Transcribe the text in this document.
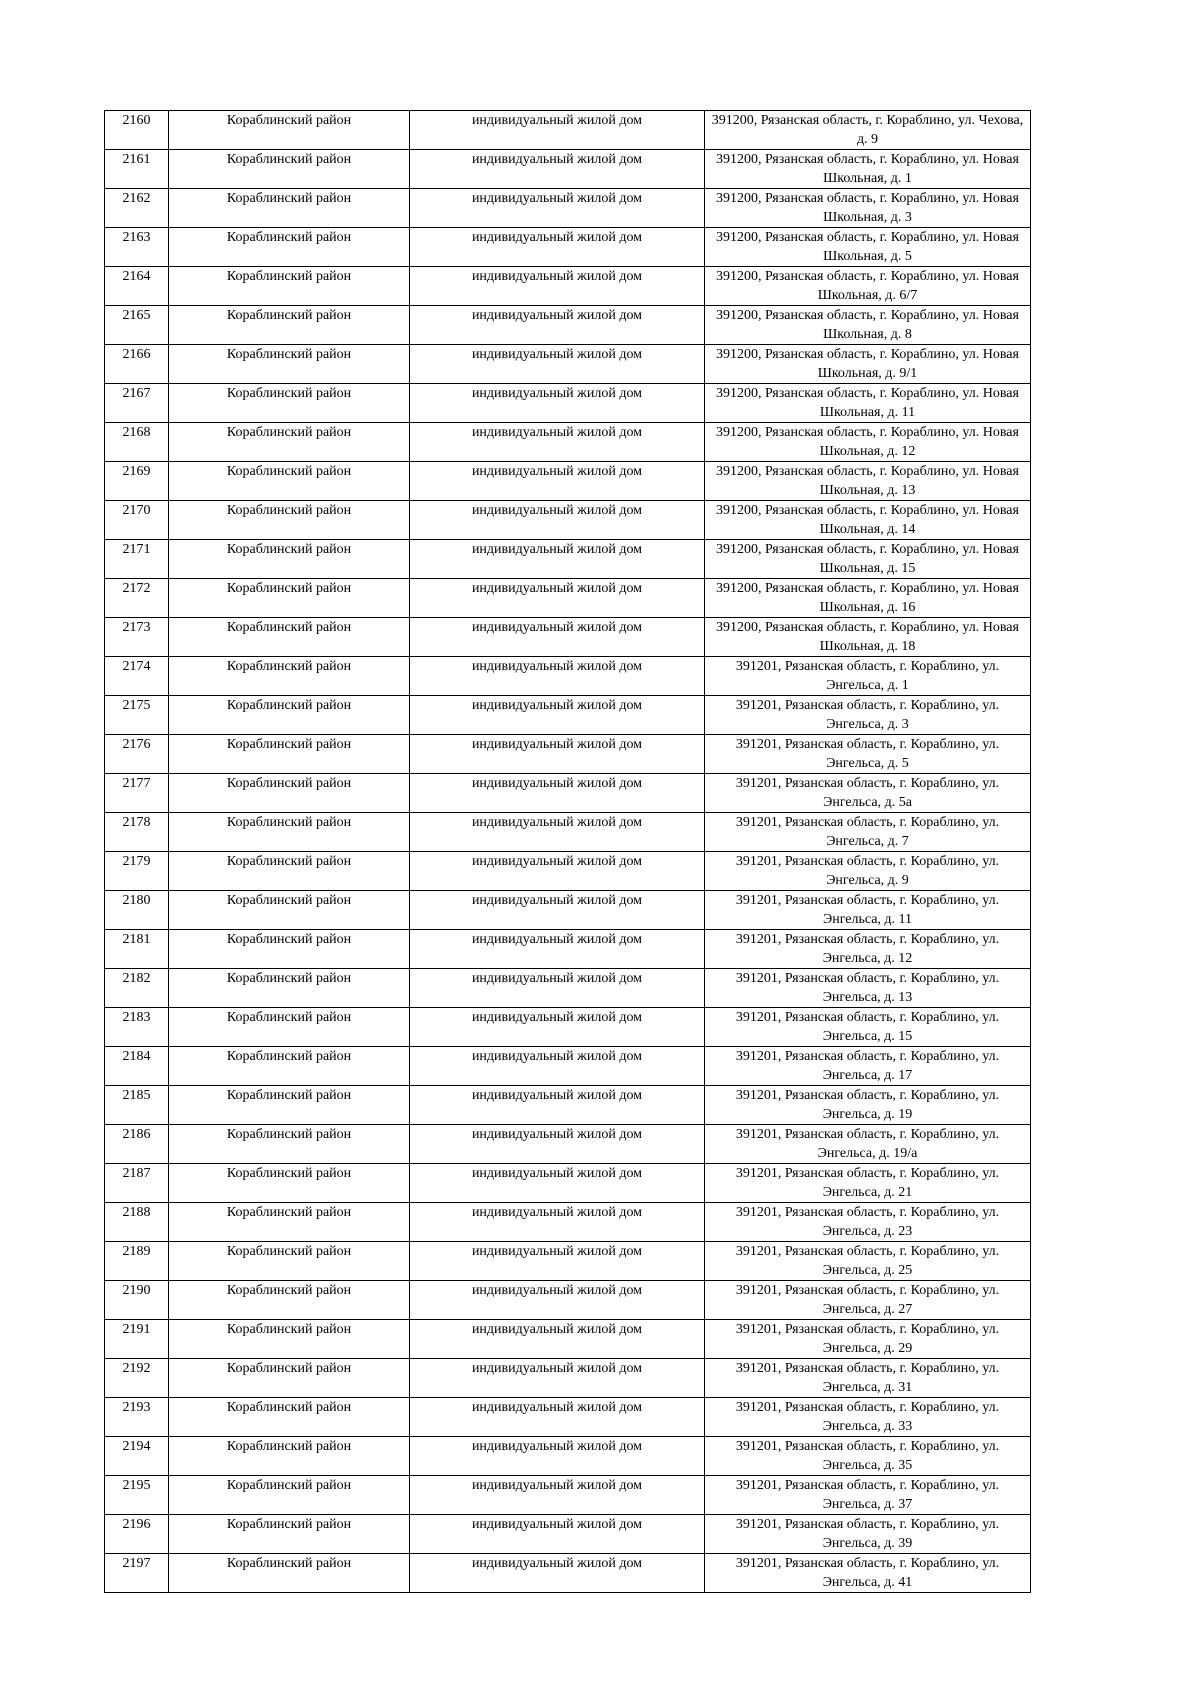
2160	Кораблинский район	индивидуальный жилой дом	391200, Рязанская область, г. Кораблино, ул. Чехова, д. 9
2161	Кораблинский район	индивидуальный жилой дом	391200, Рязанская область, г. Кораблино, ул. Новая Школьная, д. 1
2162	Кораблинский район	индивидуальный жилой дом	391200, Рязанская область, г. Кораблино, ул. Новая Школьная, д. 3
2163	Кораблинский район	индивидуальный жилой дом	391200, Рязанская область, г. Кораблино, ул. Новая Школьная, д. 5
2164	Кораблинский район	индивидуальный жилой дом	391200, Рязанская область, г. Кораблино, ул. Новая Школьная, д. 6/7
2165	Кораблинский район	индивидуальный жилой дом	391200, Рязанская область, г. Кораблино, ул. Новая Школьная, д. 8
2166	Кораблинский район	индивидуальный жилой дом	391200, Рязанская область, г. Кораблино, ул. Новая Школьная, д. 9/1
2167	Кораблинский район	индивидуальный жилой дом	391200, Рязанская область, г. Кораблино, ул. Новая Школьная, д. 11
2168	Кораблинский район	индивидуальный жилой дом	391200, Рязанская область, г. Кораблино, ул. Новая Школьная, д. 12
2169	Кораблинский район	индивидуальный жилой дом	391200, Рязанская область, г. Кораблино, ул. Новая Школьная, д. 13
2170	Кораблинский район	индивидуальный жилой дом	391200, Рязанская область, г. Кораблино, ул. Новая Школьная, д. 14
2171	Кораблинский район	индивидуальный жилой дом	391200, Рязанская область, г. Кораблино, ул. Новая Школьная, д. 15
2172	Кораблинский район	индивидуальный жилой дом	391200, Рязанская область, г. Кораблино, ул. Новая Школьная, д. 16
2173	Кораблинский район	индивидуальный жилой дом	391200, Рязанская область, г. Кораблино, ул. Новая Школьная, д. 18
2174	Кораблинский район	индивидуальный жилой дом	391201, Рязанская область, г. Кораблино, ул. Энгельса, д. 1
2175	Кораблинский район	индивидуальный жилой дом	391201, Рязанская область, г. Кораблино, ул. Энгельса, д. 3
2176	Кораблинский район	индивидуальный жилой дом	391201, Рязанская область, г. Кораблино, ул. Энгельса, д. 5
2177	Кораблинский район	индивидуальный жилой дом	391201, Рязанская область, г. Кораблино, ул. Энгельса, д. 5а
2178	Кораблинский район	индивидуальный жилой дом	391201, Рязанская область, г. Кораблино, ул. Энгельса, д. 7
2179	Кораблинский район	индивидуальный жилой дом	391201, Рязанская область, г. Кораблино, ул. Энгельса, д. 9
2180	Кораблинский район	индивидуальный жилой дом	391201, Рязанская область, г. Кораблино, ул. Энгельса, д. 11
2181	Кораблинский район	индивидуальный жилой дом	391201, Рязанская область, г. Кораблино, ул. Энгельса, д. 12
2182	Кораблинский район	индивидуальный жилой дом	391201, Рязанская область, г. Кораблино, ул. Энгельса, д. 13
2183	Кораблинский район	индивидуальный жилой дом	391201, Рязанская область, г. Кораблино, ул. Энгельса, д. 15
2184	Кораблинский район	индивидуальный жилой дом	391201, Рязанская область, г. Кораблино, ул. Энгельса, д. 17
2185	Кораблинский район	индивидуальный жилой дом	391201, Рязанская область, г. Кораблино, ул. Энгельса, д. 19
2186	Кораблинский район	индивидуальный жилой дом	391201, Рязанская область, г. Кораблино, ул. Энгельса, д. 19/а
2187	Кораблинский район	индивидуальный жилой дом	391201, Рязанская область, г. Кораблино, ул. Энгельса, д. 21
2188	Кораблинский район	индивидуальный жилой дом	391201, Рязанская область, г. Кораблино, ул. Энгельса, д. 23
2189	Кораблинский район	индивидуальный жилой дом	391201, Рязанская область, г. Кораблино, ул. Энгельса, д. 25
2190	Кораблинский район	индивидуальный жилой дом	391201, Рязанская область, г. Кораблино, ул. Энгельса, д. 27
2191	Кораблинский район	индивидуальный жилой дом	391201, Рязанская область, г. Кораблино, ул. Энгельса, д. 29
2192	Кораблинский район	индивидуальный жилой дом	391201, Рязанская область, г. Кораблино, ул. Энгельса, д. 31
2193	Кораблинский район	индивидуальный жилой дом	391201, Рязанская область, г. Кораблино, ул. Энгельса, д. 33
2194	Кораблинский район	индивидуальный жилой дом	391201, Рязанская область, г. Кораблино, ул. Энгельса, д. 35
2195	Кораблинский район	индивидуальный жилой дом	391201, Рязанская область, г. Кораблино, ул. Энгельса, д. 37
2196	Кораблинский район	индивидуальный жилой дом	391201, Рязанская область, г. Кораблино, ул. Энгельса, д. 39
2197	Кораблинский район	индивидуальный жилой дом	391201, Рязанская область, г. Кораблино, ул. Энгельса, д. 41
